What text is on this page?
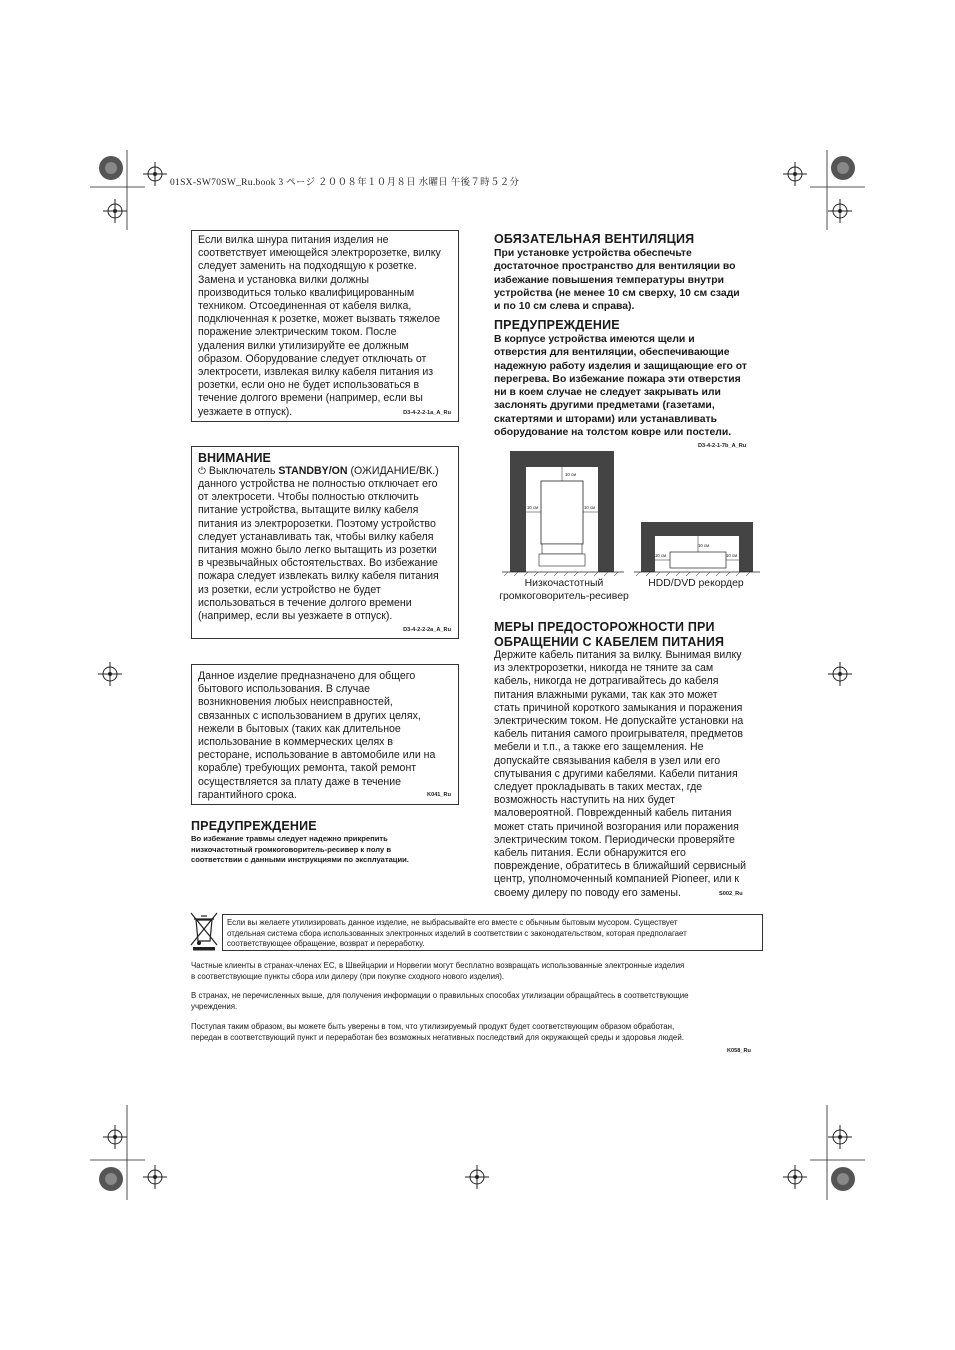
01SX-SW70SW_Ru.book 3 ページ ２００８年１０月８日 水曜日 午後７時５２分
Если вилка шнура питания изделия не
соответствует имеющейся электророзетке, вилку
следует заменить на подходящую к розетке.
Замена и установка вилки должны
производиться только квалифицированным
техником. Отсоединенная от кабеля вилка,
подключенная к розетке, может вызвать тяжелое
поражение электрическим током. После
удаления вилки утилизируйте ее должным
образом. Оборудование следует отключать от
электросети, извлекая вилку кабеля питания из
розетки, если оно не будет использоваться в
течение долгого времени (например, если вы
уезжаете в отпуск).	D3-4-2-2-1a_A_Ru
ВНИМАНИЕ
⏻ Выключатель STANDBY/ON (ОЖИДАНИЕ/ВК.)
данного устройства не полностью отключает его
от электросети. Чтобы полностью отключить
питание устройства, вытащите вилку кабеля
питания из электророзетки. Поэтому устройство
следует устанавливать так, чтобы вилку кабеля
питания можно было легко вытащить из розетки
в чрезвычайных обстоятельствах. Во избежание
пожара следует извлекать вилку кабеля питания
из розетки, если устройство не будет
использоваться в течение долгого времени
(например, если вы уезжаете в отпуск).
D3-4-2-2-2a_A_Ru
Данное изделие предназначено для общего
бытового использования. В случае
возникновения любых неисправностей,
связанных с использованием в других целях,
нежели в бытовых (таких как длительное
использование в коммерческих целях в
ресторане, использование в автомобиле или на
корабле) требующих ремонта, такой ремонт
осуществляется за плату даже в течение
гарантийного срока.	K041_Ru
ПРЕДУПРЕЖДЕНИЕ
Во избежание травмы следует надежно прикрепить
низкочастотный громкоговоритель-ресивер к полу в
соответствии с данными инструкциями по эксплуатации.
ОБЯЗАТЕЛЬНАЯ ВЕНТИЛЯЦИЯ
При установке устройства обеспечьте
достаточное пространство для вентиляции во
избежание повышения температуры внутри
устройства (не менее 10 см сверху, 10 см сзади
и по 10 см слева и справа).
ПРЕДУПРЕЖДЕНИЕ
В корпусе устройства имеются щели и
отверстия для вентиляции, обеспечивающие
надежную работу изделия и защищающие его от
перегрева. Во избежание пожара эти отверстия
ни в коем случае не следует закрывать или
заслонять другими предметами (газетами,
скатертями и шторами) или устанавливать
оборудование на толстом ковре или постели.
D3-4-2-1-7b_A_Ru
10 см
10 см	10 см
10 см
10 см	10 см
Низкочастотный
громкоговоритель-ресивер
HDD/DVD рекордер
МЕРЫ ПРЕДОСТОРОЖНОСТИ ПРИ
ОБРАЩЕНИИ С КАБЕЛЕМ ПИТАНИЯ
Держите кабель питания за вилку. Вынимая вилку
из электророзетки, никогда не тяните за сам
кабель, никогда не дотрагивайтесь до кабеля
питания влажными руками, так как это может
стать причиной короткого замыкания и поражения
электрическим током. Не допускайте установки на
кабель питания самого проигрывателя, предметов
мебели и т.п., а также его защемления. Не
допускайте связывания кабеля в узел или его
спутывания с другими кабелями. Кабели питания
следует прокладывать в таких местах, где
возможность наступить на них будет
маловероятной. Поврежденный кабель питания
может стать причиной возгорания или поражения
электрическим током. Периодически проверяйте
кабель питания. Если обнаружится его
повреждение, обратитесь в ближайший сервисный
центр, уполномоченный компанией Pioneer, или к
своему дилеру по поводу его замены.	S002_Ru
Если вы желаете утилизировать данное изделие, не выбрасывайте его вместе с обычным бытовым мусором. Существует
отдельная система сбора использованных электронных изделий в соответствии с законодательством, которая предполагает
соответствующее обращение, возврат и переработку.
Частные клиенты в странах-членах ЕС, в Швейцарии и Норвегии могут бесплатно возвращать использованные электронные изделия
в соответствующие пункты сбора или дилеру (при покупке сходного нового изделия).
В странах, не перечисленных выше, для получения информации о правильных способах утилизации обращайтесь в соответствующие
учреждения.
Поступая таким образом, вы можете быть уверены в том, что утилизируемый продукт будет соответствующим образом обработан,
передан в соответствующий пункт и переработан без возможных негативных последствий для окружающей среды и здоровья людей.
K058_Ru
